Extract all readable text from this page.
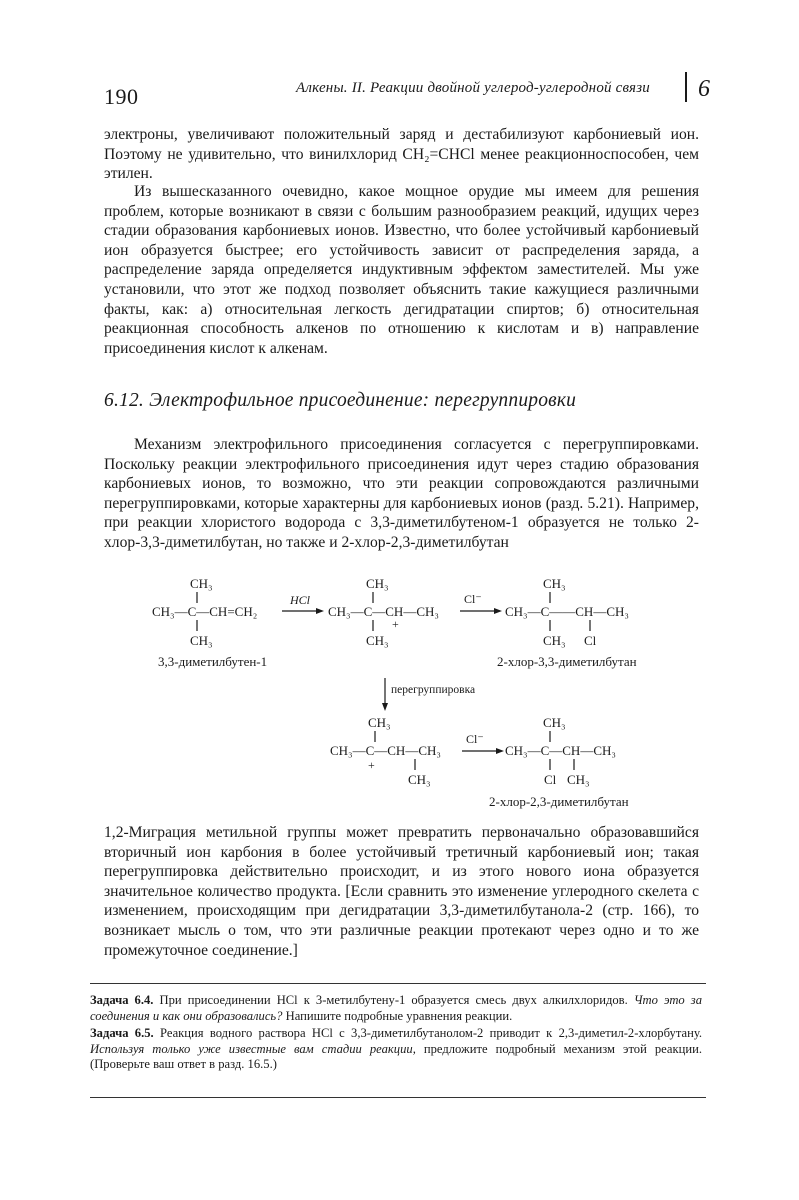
190	Алкены. II. Реакции двойной углерод-углеродной связи 6

электроны, увеличивают положительный заряд и дестабилизуют карбониевый ион. Поэтому не удивительно, что винилхлорид CH₂=CHCl менее реакционноспособен, чем этилен.

Из вышесказанного очевидно, какое мощное орудие мы имеем для решения проблем, которые возникают в связи с большим разнообразием реакций, идущих через стадии образования карбониевых ионов. Известно, что более устойчивый карбониевый ион образуется быстрее; его устойчивость зависит от распределения заряда, а распределение заряда определяется индуктивным эффектом заместителей. Мы уже установили, что этот же подход позволяет объяснить такие кажущиеся различными факты, как: а) относительная легкость дегидратации спиртов; б) относительная реакционная способность алкенов по отношению к кислотам и в) направление присоединения кислот к алкенам.

6.12. Электрофильное присоединение: перегруппировки

Механизм электрофильного присоединения согласуется с перегруппировками. Поскольку реакции электрофильного присоединения идут через стадию образования карбониевых ионов, то возможно, что эти реакции сопровождаются различными перегруппировками, которые характерны для карбониевых ионов (разд. 5.21). Например, при реакции хлористого водорода с 3,3-диметилбутеном-1 образуется не только 2-хлор-3,3-диметилбутан, но также и 2-хлор-2,3-диметилбутан

CH₃
CH₃—C—CH=CH₂
CH₃
3,3-диметилбутен-1
HCl
CH₃
CH₃—C—CH—CH₃
+
CH₃
Cl⁻
CH₃
CH₃—C——CH—CH₃
CH₃ Cl
2-хлор-3,3-диметилбутан
перегруппировка
CH₃
CH₃—C—CH—CH₃
+
CH₃
Cl⁻
CH₃
CH₃—C—CH—CH₃
Cl CH₃
2-хлор-2,3-диметилбутан

1,2-Миграция метильной группы может превратить первоначально образовавшийся вторичный ион карбония в более устойчивый третичный карбониевый ион; такая перегруппировка действительно происходит, и из этого нового иона образуется значительное количество продукта. [Если сравнить это изменение углеродного скелета с изменением, происходящим при дегидратации 3,3-диметилбутанола-2 (стр. 166), то возникает мысль о том, что эти различные реакции протекают через одно и то же промежуточное соединение.]

Задача 6.4. При присоединении HCl к 3-метилбутену-1 образуется смесь двух алкилхлоридов. Что это за соединения и как они образовались? Напишите подробные уравнения реакции.

Задача 6.5. Реакция водного раствора HCl с 3,3-диметилбутанолом-2 приводит к 2,3-диметил-2-хлорбутану. Используя только уже известные вам стадии реакции, предложите подробный механизм этой реакции. (Проверьте ваш ответ в разд. 16.5.)
